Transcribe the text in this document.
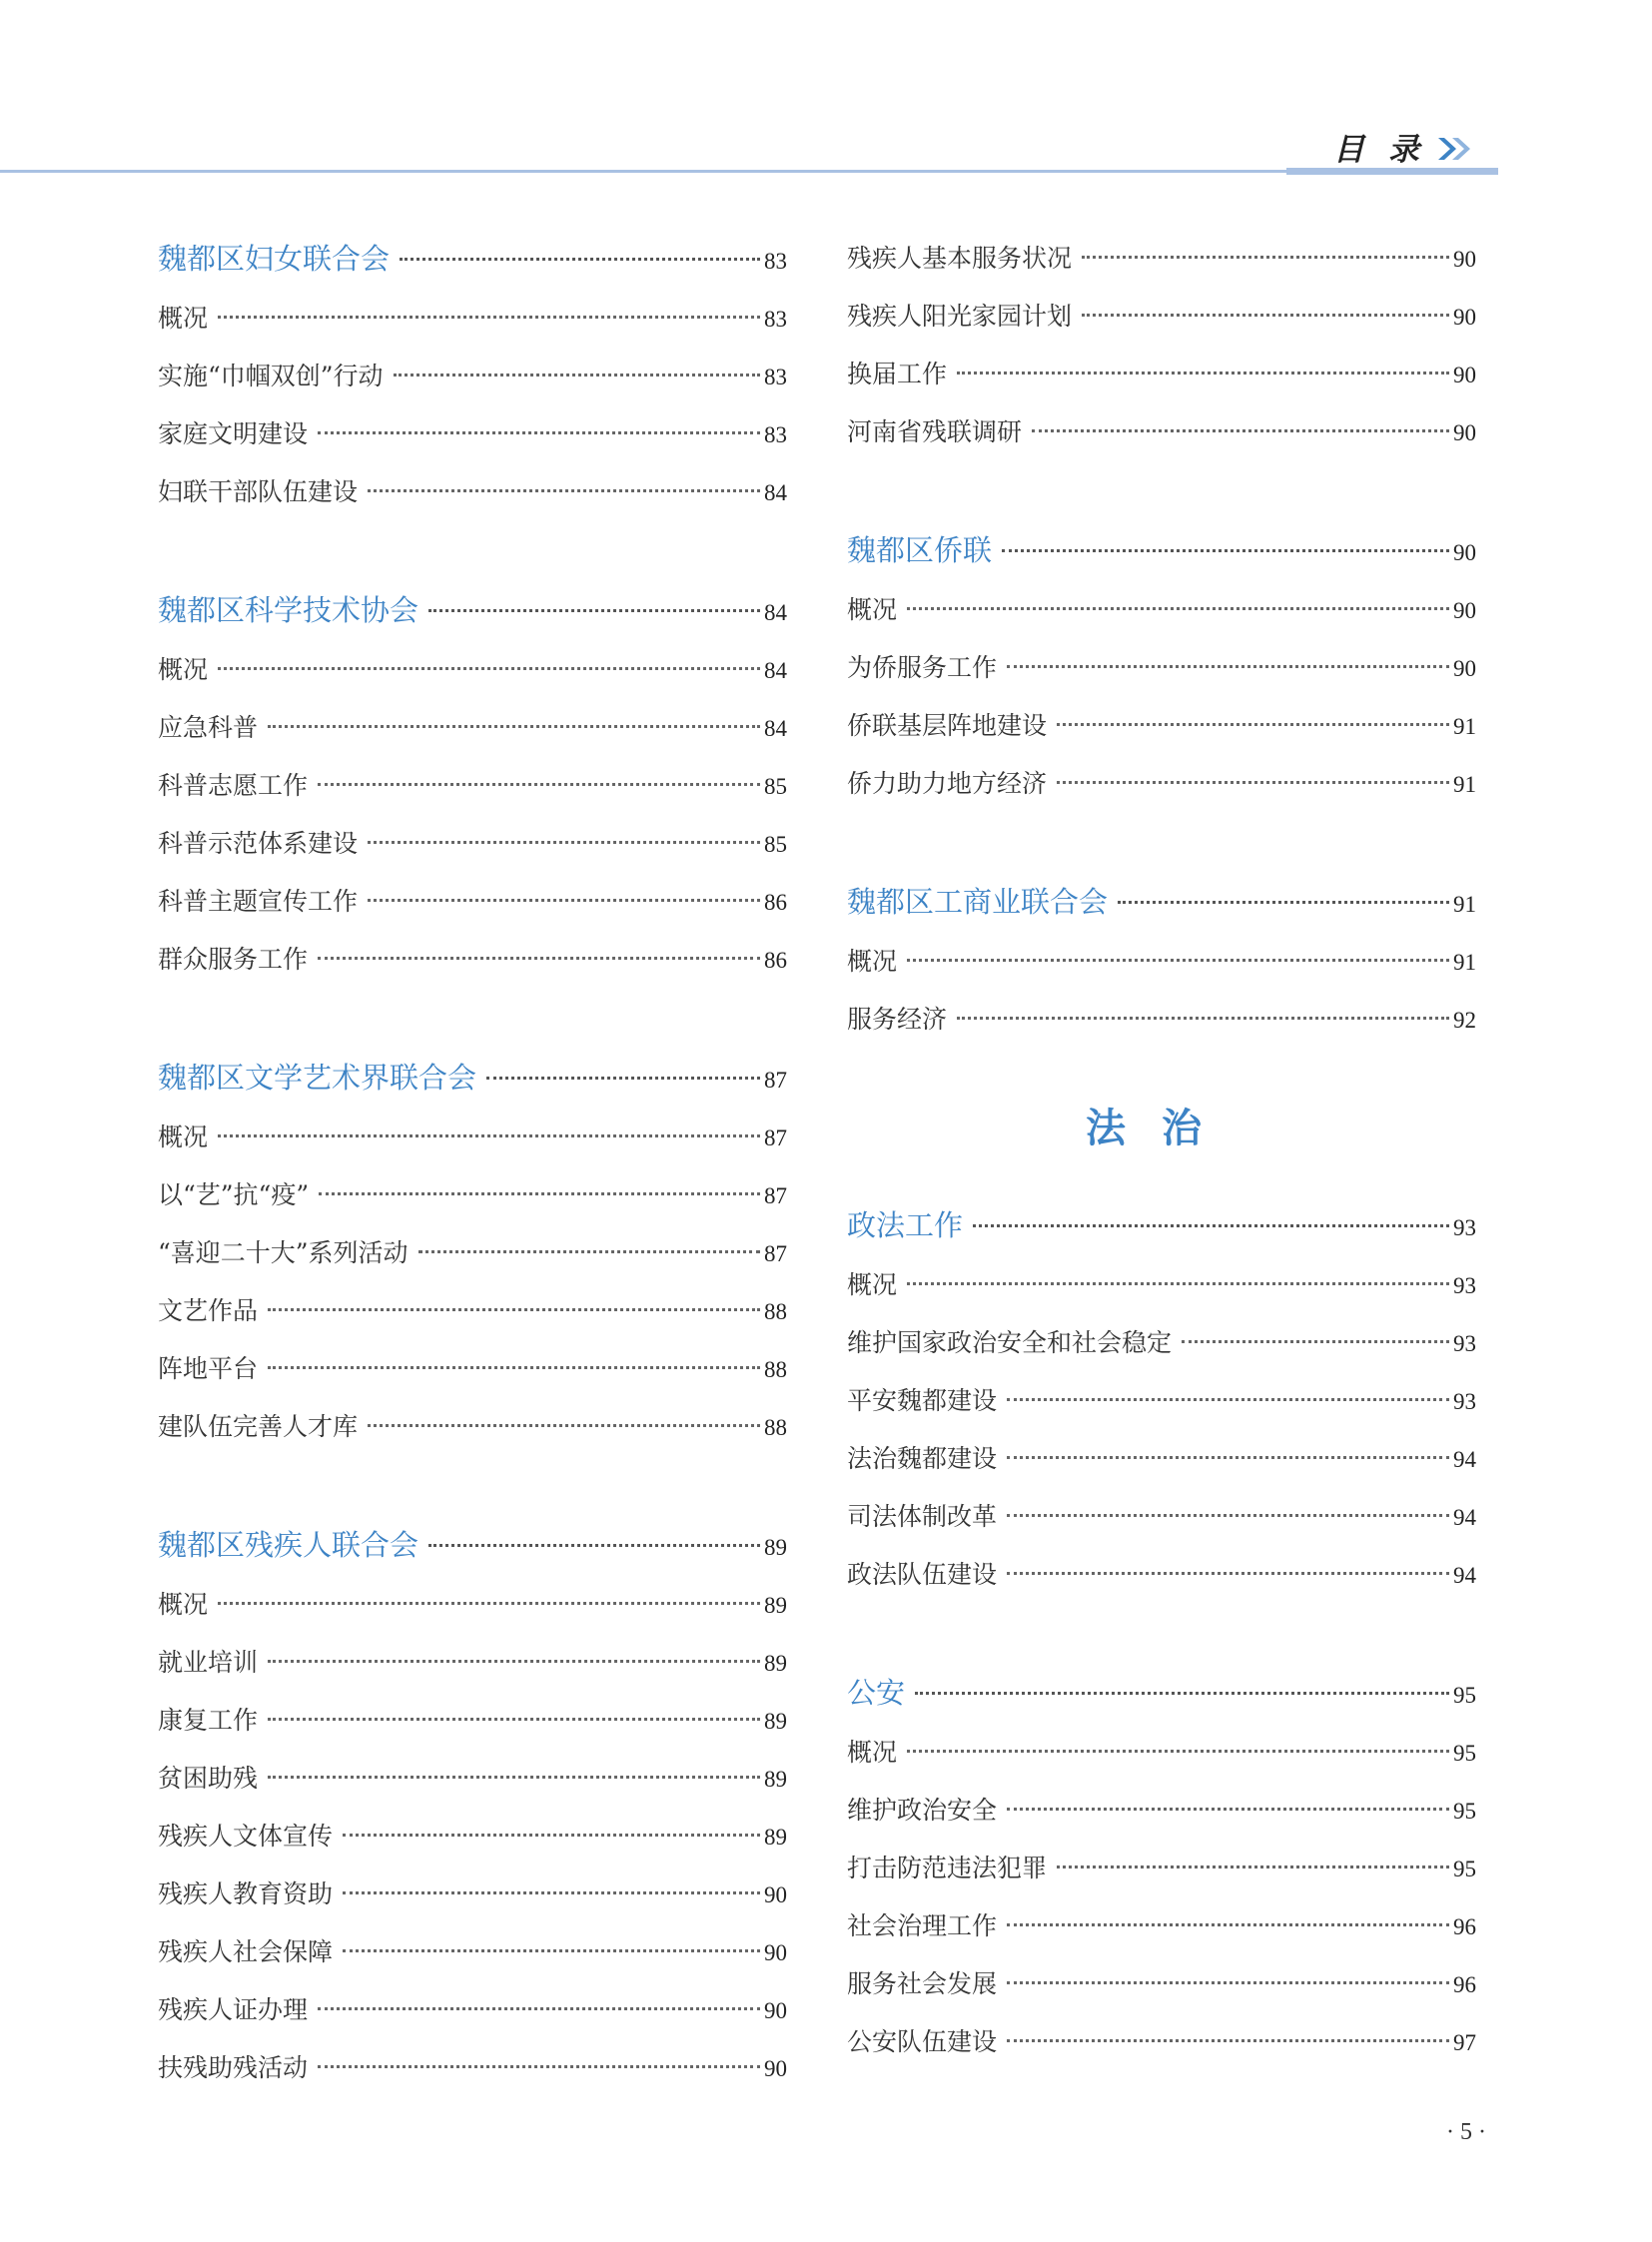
目录
魏都区妇女联合会	83
概况	83
实施“巾帼双创”行动	83
家庭文明建设	83
妇联干部队伍建设	84
魏都区科学技术协会	84
概况	84
应急科普	84
科普志愿工作	85
科普示范体系建设	85
科普主题宣传工作	86
群众服务工作	86
魏都区文学艺术界联合会	87
概况	87
以“艺”抗“疫”	87
“喜迎二十大”系列活动	87
文艺作品	88
阵地平台	88
建队伍完善人才库	88
魏都区残疾人联合会	89
概况	89
就业培训	89
康复工作	89
贫困助残	89
残疾人文体宣传	89
残疾人教育资助	90
残疾人社会保障	90
残疾人证办理	90
扶残助残活动	90
残疾人基本服务状况	90
残疾人阳光家园计划	90
换届工作	90
河南省残联调研	90
魏都区侨联	90
概况	90
为侨服务工作	90
侨联基层阵地建设	91
侨力助力地方经济	91
魏都区工商业联合会	91
概况	91
服务经济	92
法治
政法工作	93
概况	93
维护国家政治安全和社会稳定	93
平安魏都建设	93
法治魏都建设	94
司法体制改革	94
政法队伍建设	94
公安	95
概况	95
维护政治安全	95
打击防范违法犯罪	95
社会治理工作	96
服务社会发展	96
公安队伍建设	97
· 5 ·
